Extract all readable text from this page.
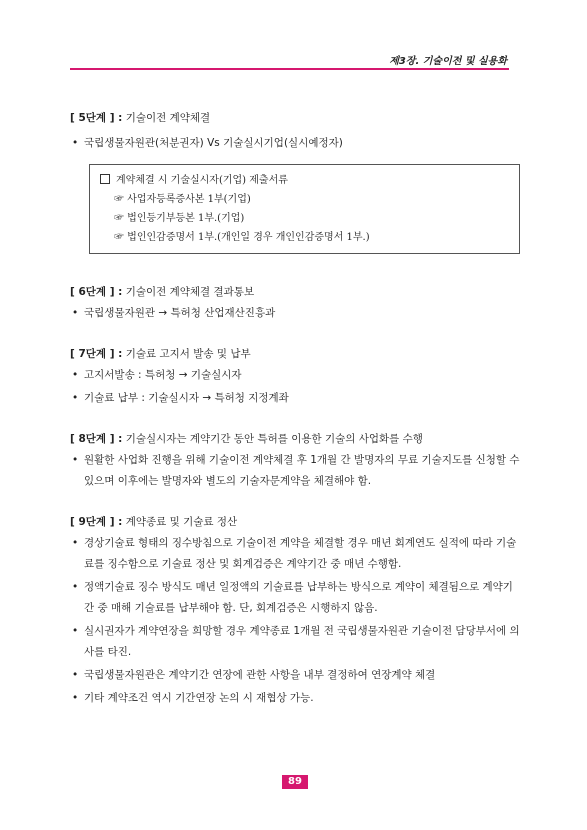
제3장. 기술이전 및 실용화

[ 5단계 ] : 기술이전 계약체결

• 국립생물자원관(처분권자) Vs 기술실시기업(실시예정자)
계약체결 시 기술실시자(기업) 제출서류
☞ 사업자등록증사본 1부(기업)
☞ 법인등기부등본 1부.(기업)
☞ 법인인감증명서 1부.(개인일 경우 개인인감증명서 1부.)

[ 6단계 ] : 기술이전 계약체결 결과통보

• 국립생물자원관 → 특허청 산업재산진흥과

[ 7단계 ] : 기술료 고지서 발송 및 납부

• 고지서발송 : 특허청 → 기술실시자
• 기술료 납부 : 기술실시자 → 특허청 지정계좌

[ 8단계 ] : 기술실시자는 계약기간 동안 특허를 이용한 기술의 사업화를 수행

• 원활한 사업화 진행을 위해 기술이전 계약체결 후 1개월 간 발명자의 무료 기술지도를 신청할 수 있으며 이후에는 발명자와 별도의 기술자문계약을 체결해야 함.

[ 9단계 ] : 계약종료 및 기술료 정산

• 경상기술료 형태의 징수방침으로 기술이전 계약을 체결할 경우 매년 회계연도 실적에 따라 기술료를 징수함으로 기술료 정산 및 회계검증은 계약기간 중 매년 수행함.
• 정액기술료 징수 방식도 매년 일정액의 기술료를 납부하는 방식으로 계약이 체결됨으로 계약기간 중 매해 기술료를 납부해야 함. 단, 회계검증은 시행하지 않음.
• 실시권자가 계약연장을 희망할 경우 계약종료 1개월 전 국립생물자원관 기술이전 담당부서에 의사를 타진.
• 국립생물자원관은 계약기간 연장에 관한 사항을 내부 결정하여 연장계약 체결
• 기타 계약조건 역시 기간연장 논의 시 재협상 가능.
89
